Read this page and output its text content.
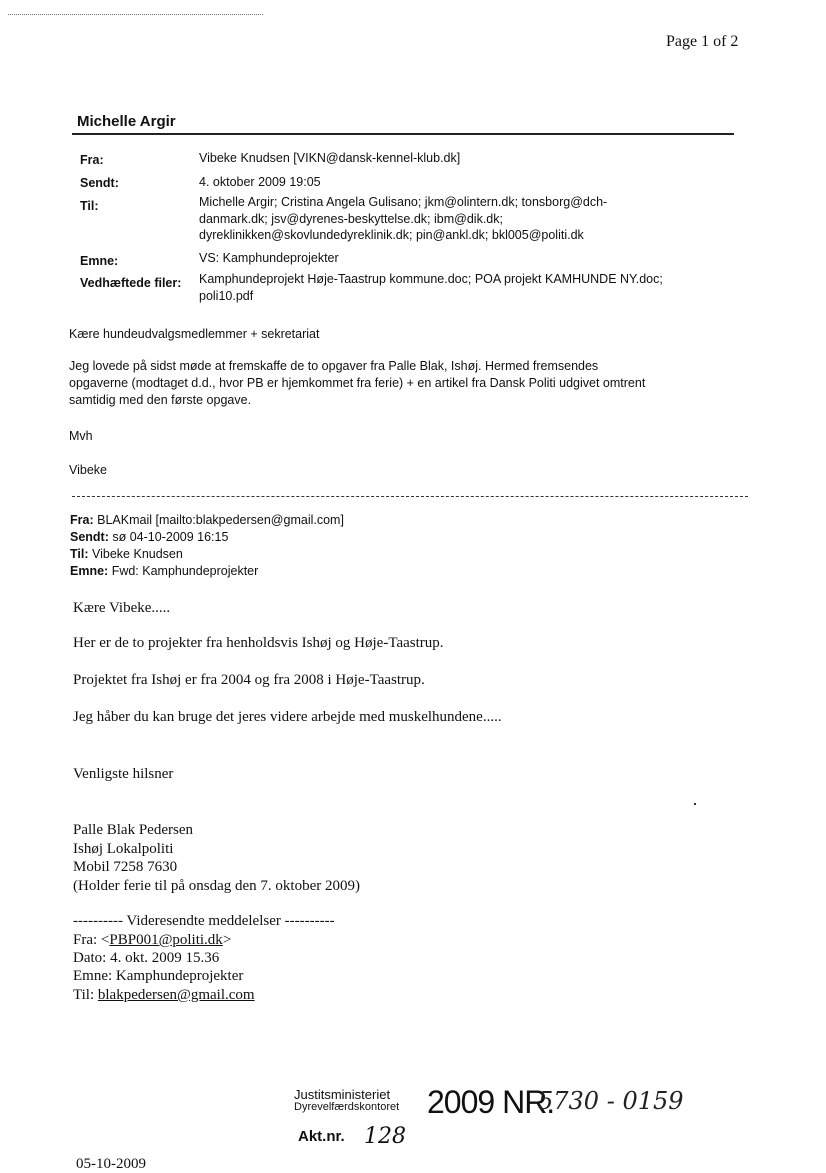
Page 1 of 2
Michelle Argir
Fra:	Vibeke Knudsen [VIKN@dansk-kennel-klub.dk]
Sendt:	4. oktober 2009 19:05
Til:	Michelle Argir; Cristina Angela Gulisano; jkm@olintern.dk; tonsborg@dch-
danmark.dk; jsv@dyrenes-beskyttelse.dk; ibm@dik.dk;
dyreklinikken@skovlundedyreklinik.dk; pin@ankl.dk; bkl005@politi.dk
Emne:	VS: Kamphundeprojekter
Vedhæftede filer: Kamphundeprojekt Høje-Taastrup kommune.doc; POA projekt KAMHUNDE NY.doc;
poli10.pdf
Kære hundeudvalgsmedlemmer + sekretariat
Jeg lovede på sidst møde at fremskaffe de to opgaver fra Palle Blak, Ishøj. Hermed fremsendes
opgaverne (modtaget d.d., hvor PB er hjemkommet fra ferie) + en artikel fra Dansk Politi udgivet omtrent
samtidig med den første opgave.
Mvh
Vibeke
Fra: BLAKmail [mailto:blakpedersen@gmail.com]
Sendt: sø 04-10-2009 16:15
Til: Vibeke Knudsen
Emne: Fwd: Kamphundeprojekter
Kære Vibeke.....
Her er de to projekter fra henholdsvis Ishøj og Høje-Taastrup.
Projektet fra Ishøj er fra 2004 og fra 2008 i Høje-Taastrup.
Jeg håber du kan bruge det jeres videre arbejde med muskelhundene.....
Venligste hilsner
Palle Blak Pedersen
Ishøj Lokalpoliti
Mobil 7258 7630
(Holder ferie til på onsdag den 7. oktober 2009)
---------- Videresendte meddelelser ----------
Fra: <PBP001@politi.dk>
Dato: 4. okt. 2009 15.36
Emne: Kamphundeprojekter
Til: blakpedersen@gmail.com
Justitsministeriet
Dyrevelfærdskontoret 2009 NR.
5730 - 0159
Akt.nr. 128
05-10-2009
